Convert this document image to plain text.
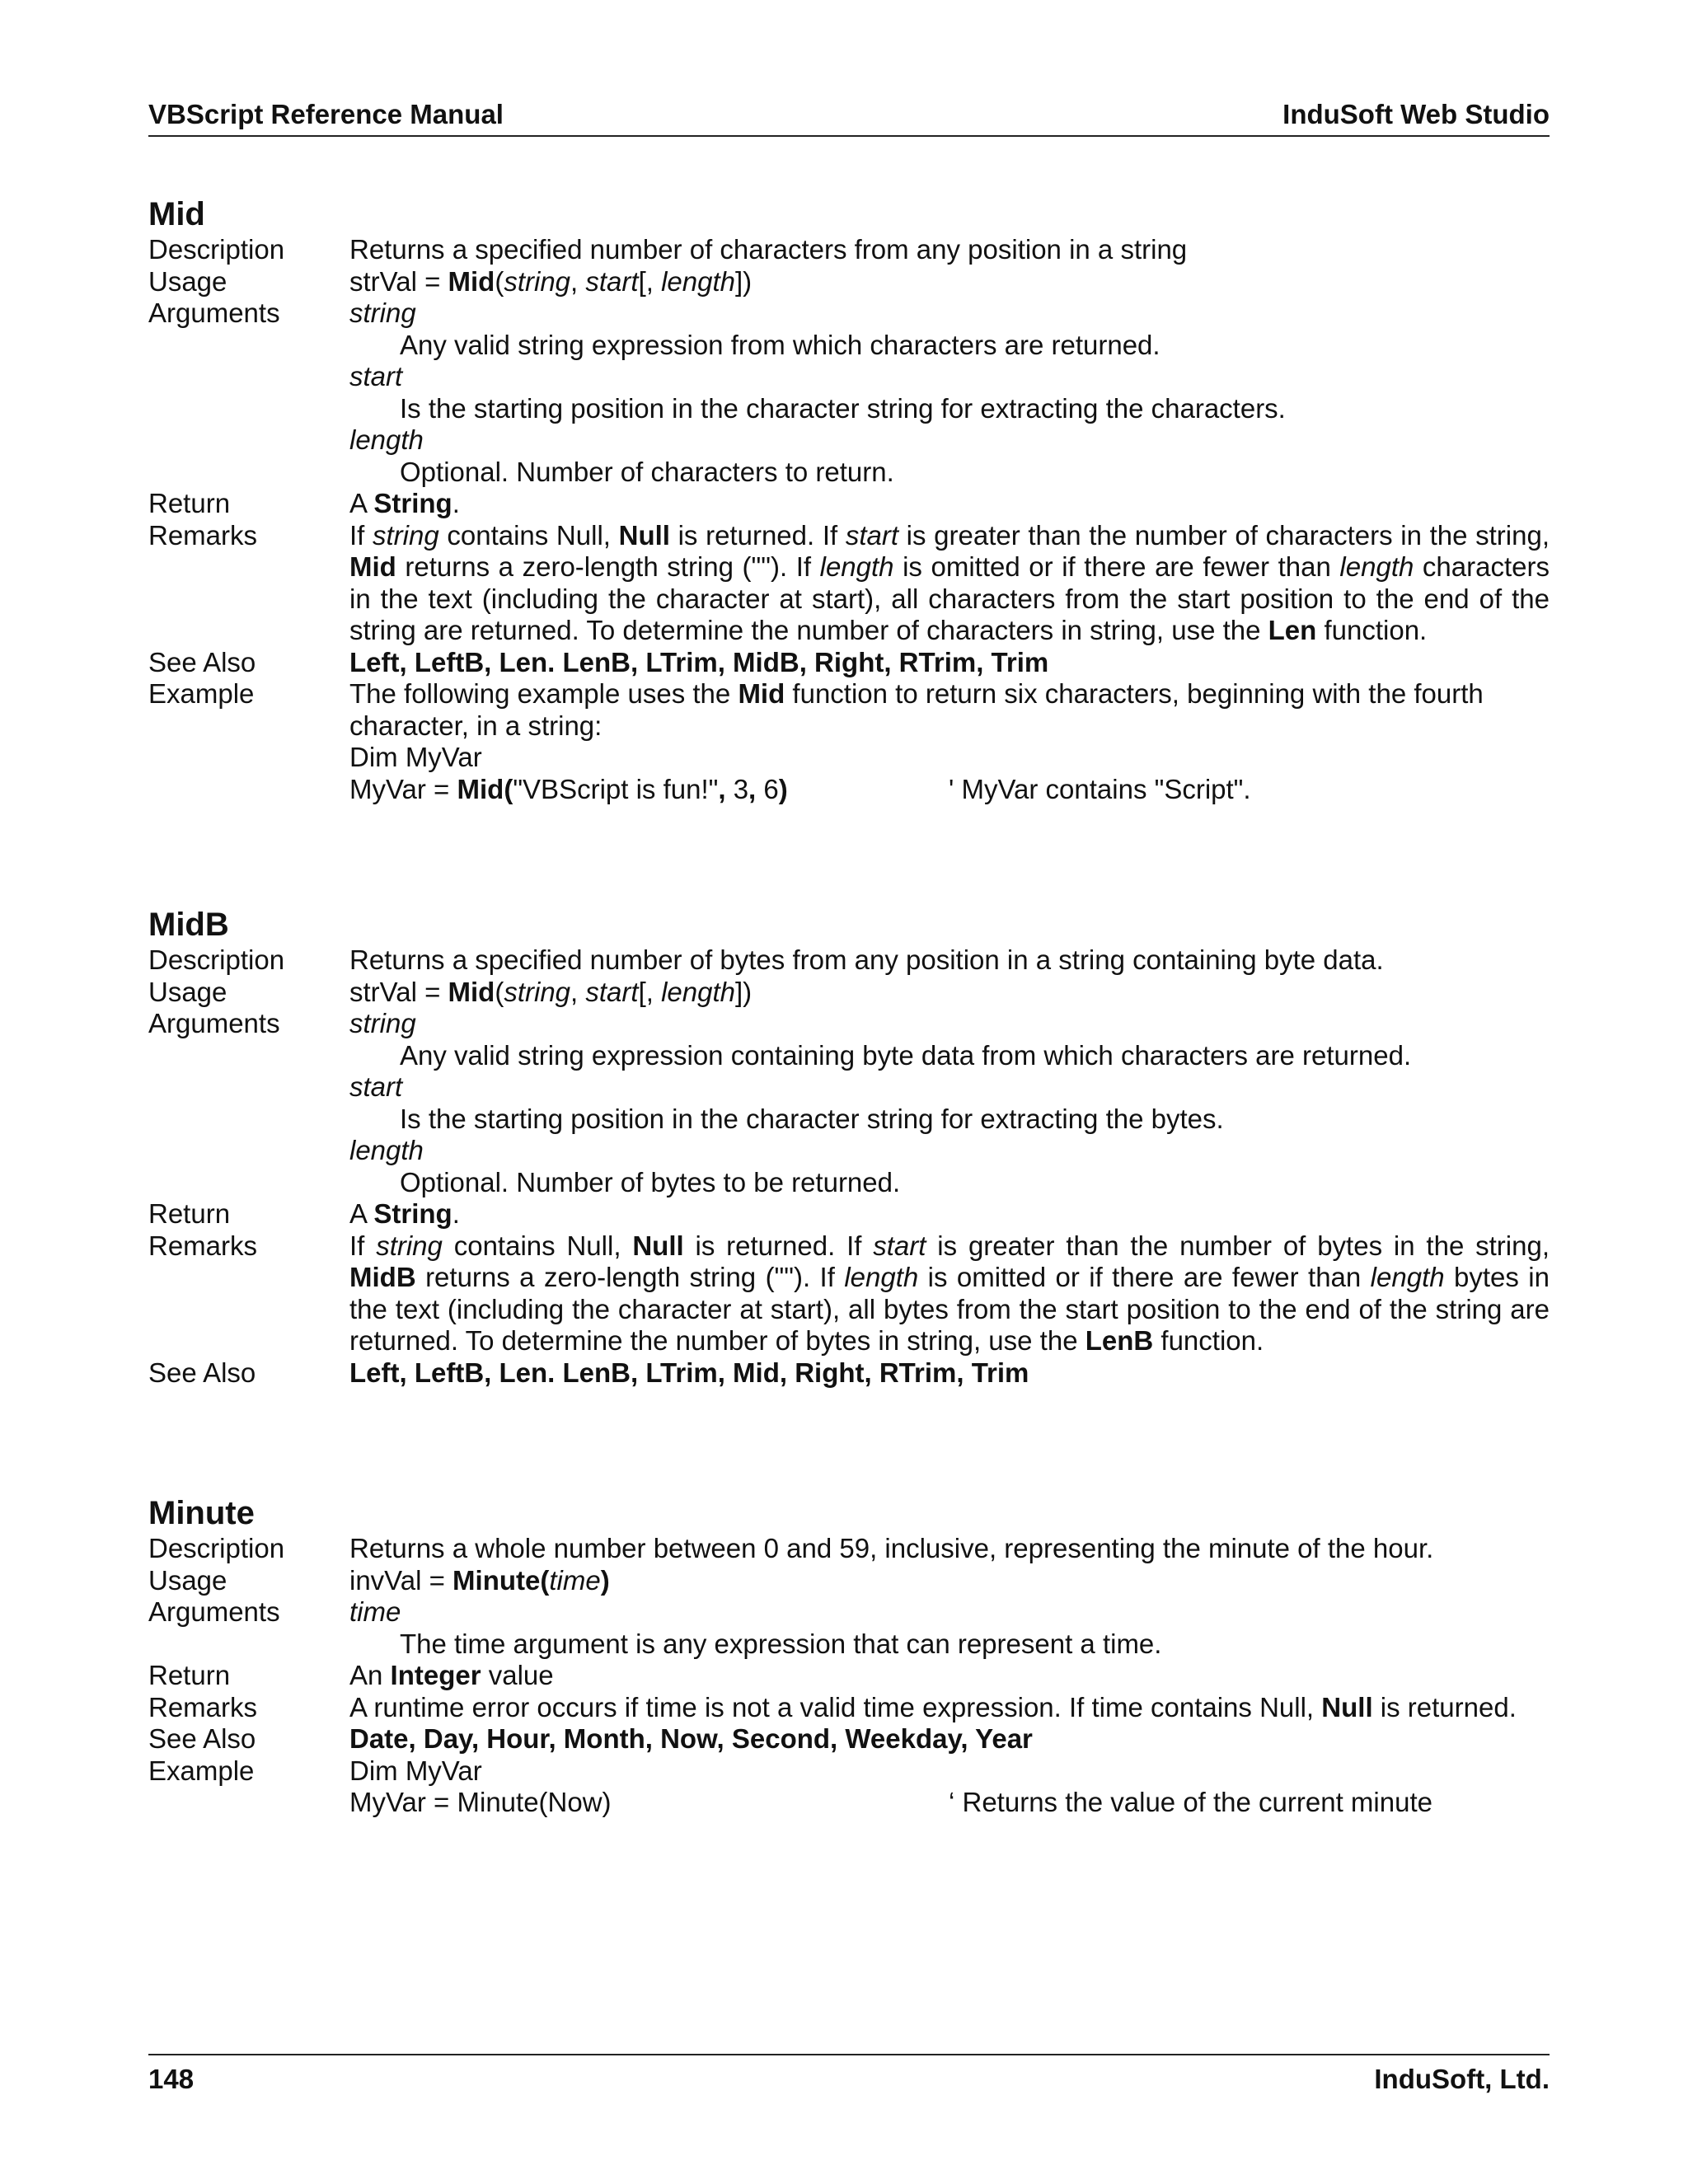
VBScript Reference Manual	InduSoft Web Studio
Mid
Description	Returns a specified number of characters from any position in a string
Usage	strVal = Mid(string, start[, length])
Arguments	string
Any valid string expression from which characters are returned.
start
Is the starting position in the character string for extracting the characters.
length
Optional. Number of characters to return.
Return	A String.
Remarks	If string contains Null, Null is returned. If start is greater than the number of characters in the string, Mid returns a zero-length string (""). If length is omitted or if there are fewer than length characters in the text (including the character at start), all characters from the start position to the end of the string are returned. To determine the number of characters in string, use the Len function.
See Also	Left, LeftB, Len. LenB, LTrim, MidB, Right, RTrim, Trim
Example	The following example uses the Mid function to return six characters, beginning with the fourth character, in a string:
Dim MyVar
MyVar = Mid("VBScript is fun!", 3, 6)	' MyVar contains "Script".
MidB
Description	Returns a specified number of bytes from any position in a string containing byte data.
Usage	strVal = Mid(string, start[, length])
Arguments	string
Any valid string expression containing byte data from which characters are returned.
start
Is the starting position in the character string for extracting the bytes.
length
Optional. Number of bytes to be returned.
Return	A String.
Remarks	If string contains Null, Null is returned. If start is greater than the number of bytes in the string, MidB returns a zero-length string (""). If length is omitted or if there are fewer than length bytes in the text (including the character at start), all bytes from the start position to the end of the string are returned. To determine the number of bytes in string, use the LenB function.
See Also	Left, LeftB, Len. LenB, LTrim, Mid, Right, RTrim, Trim
Minute
Description	Returns a whole number between 0 and 59, inclusive, representing the minute of the hour.
Usage	invVal = Minute(time)
Arguments	time
The time argument is any expression that can represent a time.
Return	An Integer value
Remarks	A runtime error occurs if time is not a valid time expression. If time contains Null, Null is returned.
See Also	Date, Day, Hour, Month, Now, Second, Weekday, Year
Example	Dim MyVar
MyVar = Minute(Now)	‘ Returns the value of the current minute
148	InduSoft, Ltd.
